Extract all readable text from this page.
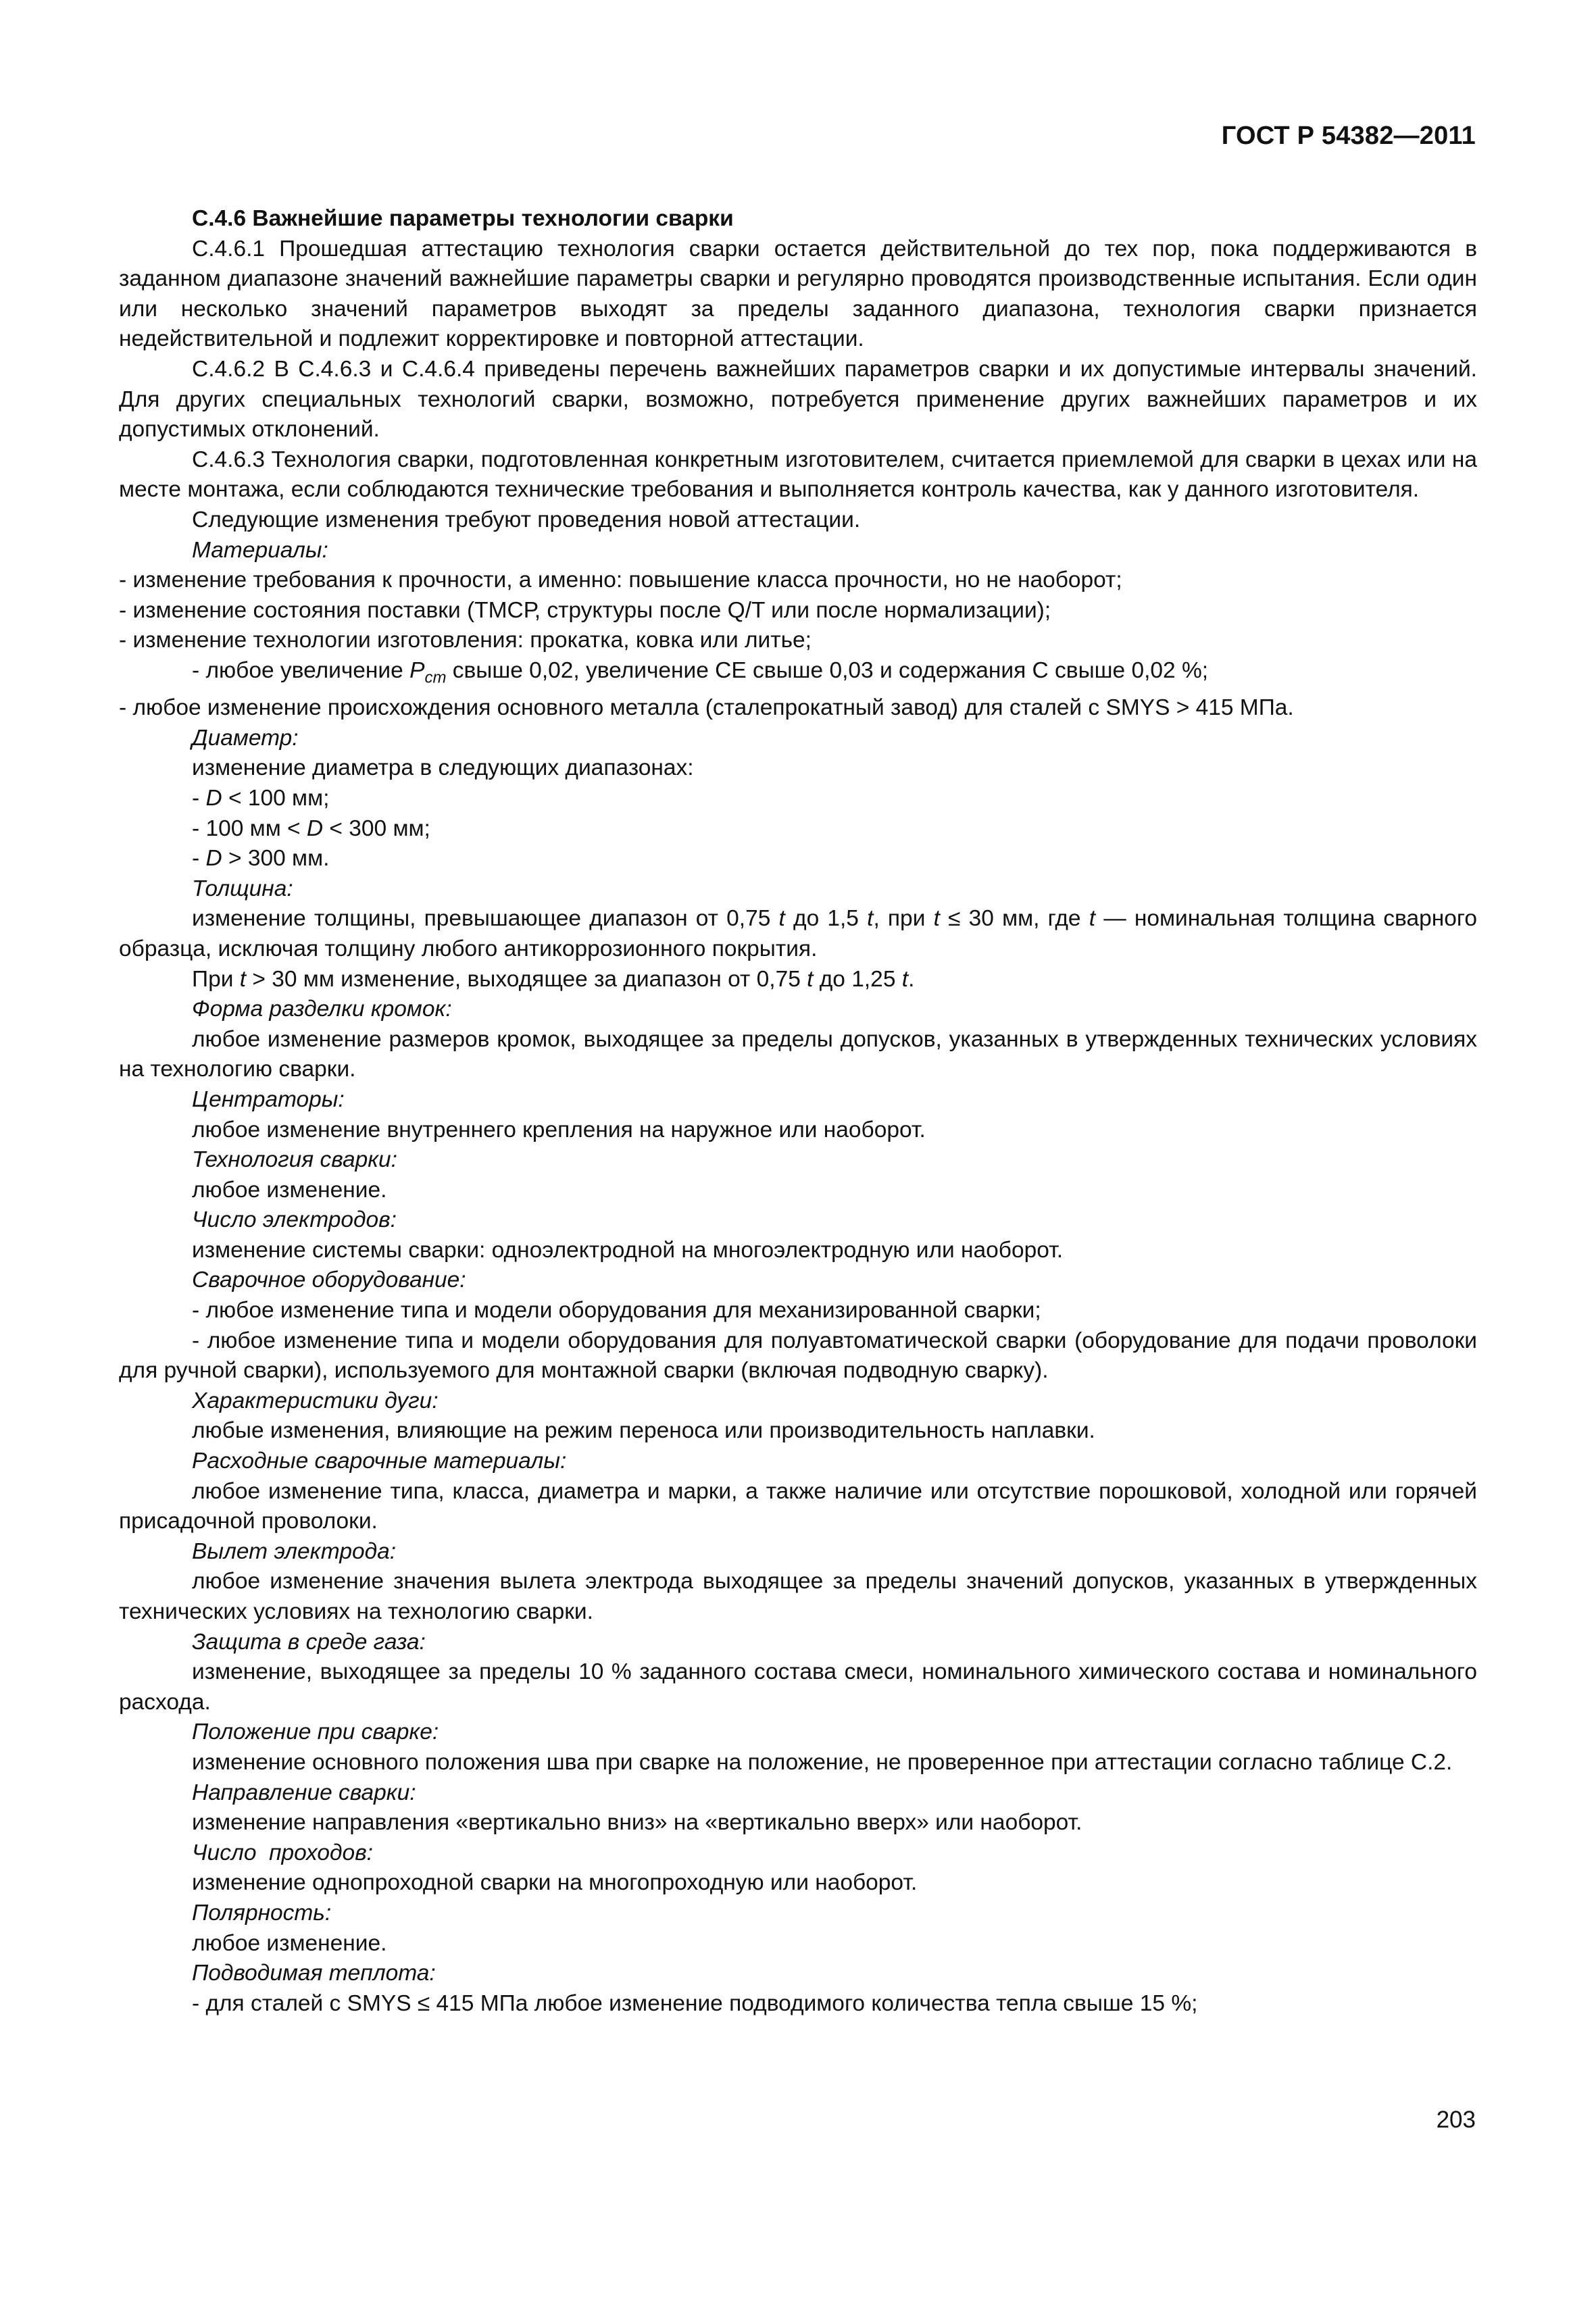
ГОСТ Р 54382—2011
С.4.6 Важнейшие параметры технологии сварки
С.4.6.1 Прошедшая аттестацию технология сварки остается действительной до тех пор, пока поддерживаются в заданном диапазоне значений важнейшие параметры сварки и регулярно проводятся производственные испытания. Если один или несколько значений параметров выходят за пределы заданного диапазона, технология сварки признается недействительной и подлежит корректировке и повторной аттестации.
С.4.6.2 В С.4.6.3 и С.4.6.4 приведены перечень важнейших параметров сварки и их допустимые интервалы значений. Для других специальных технологий сварки, возможно, потребуется применение других важнейших параметров и их допустимых отклонений.
С.4.6.3 Технология сварки, подготовленная конкретным изготовителем, считается приемлемой для сварки в цехах или на месте монтажа, если соблюдаются технические требования и выполняется контроль качества, как у данного изготовителя.
Следующие изменения требуют проведения новой аттестации.
Материалы:
- изменение требования к прочности, а именно: повышение класса прочности, но не наоборот;
- изменение состояния поставки (ТМСР, структуры после Q/T или после нормализации);
- изменение технологии изготовления: прокатка, ковка или литье;
- любое увеличение $P_{cm}$ свыше 0,02, увеличение СЕ свыше 0,03 и содержания С свыше 0,02 %;
- любое изменение происхождения основного металла (сталепрокатный завод) для сталей с SMYS > 415 МПа.
Диаметр:
изменение диаметра в следующих диапазонах:
- D < 100 мм;
- 100 мм < D < 300 мм;
- D > 300 мм.
Толщина:
изменение толщины, превышающее диапазон от 0,75 t до 1,5 t, при t ≤ 30 мм, где t — номинальная толщина сварного образца, исключая толщину любого антикоррозионного покрытия.
При t > 30 мм изменение, выходящее за диапазон от 0,75 t до 1,25 t.
Форма разделки кромок:
любое изменение размеров кромок, выходящее за пределы допусков, указанных в утвержденных технических условиях на технологию сварки.
Центраторы:
любое изменение внутреннего крепления на наружное или наоборот.
Технология сварки:
любое изменение.
Число электродов:
изменение системы сварки: одноэлектродной на многоэлектродную или наоборот.
Сварочное оборудование:
- любое изменение типа и модели оборудования для механизированной сварки;
- любое изменение типа и модели оборудования для полуавтоматической сварки (оборудование для подачи проволоки для ручной сварки), используемого для монтажной сварки (включая подводную сварку).
Характеристики дуги:
любые изменения, влияющие на режим переноса или производительность наплавки.
Расходные сварочные материалы:
любое изменение типа, класса, диаметра и марки, а также наличие или отсутствие порошковой, холодной или горячей присадочной проволоки.
Вылет электрода:
любое изменение значения вылета электрода выходящее за пределы значений допусков, указанных в утвержденных технических условиях на технологию сварки.
Защита в среде газа:
изменение, выходящее за пределы 10 % заданного состава смеси, номинального химического состава и номинального расхода.
Положение при сварке:
изменение основного положения шва при сварке на положение, не проверенное при аттестации согласно таблице С.2.
Направление сварки:
изменение направления «вертикально вниз» на «вертикально вверх» или наоборот.
Число  проходов:
изменение однопроходной сварки на многопроходную или наоборот.
Полярность:
любое изменение.
Подводимая теплота:
- для сталей с SMYS ≤ 415 МПа любое изменение подводимого количества тепла свыше 15 %;
203
